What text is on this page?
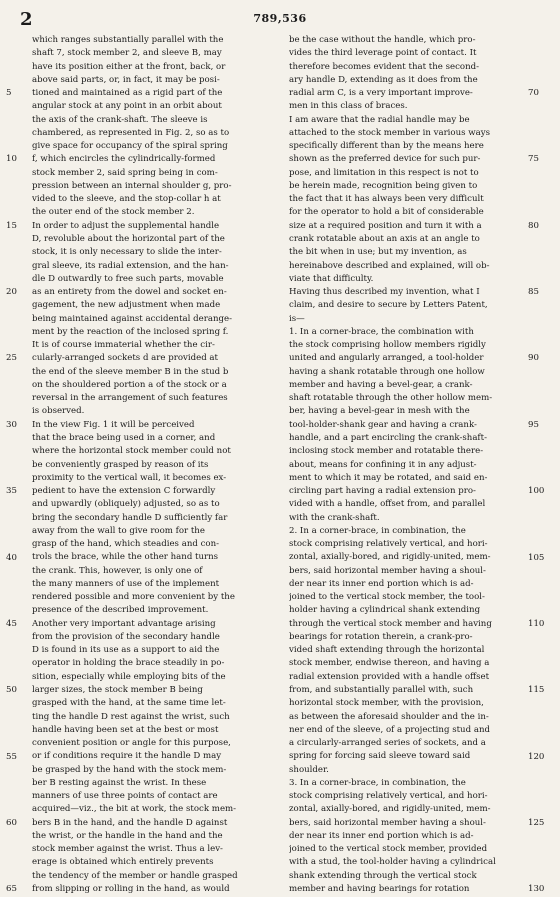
2	789,536
which ranges substantially parallel with the
shaft 7, stock member 2, and sleeve B, may
have its position either at the front, back, or
above said parts, or, in fact, it may be posi-
tioned and maintained as a rigid part of the
angular stock at any point in an orbit about
the axis of the crank-shaft. The sleeve is
chambered, as represented in Fig. 2, so as to
give space for occupancy of the spiral spring
f, which encircles the cylindrically-formed
stock member 2, said spring being in com-
pression between an internal shoulder g, pro-
vided to the sleeve, and the stop-collar h at
the outer end of the stock member 2.
In order to adjust the supplemental handle
D, revoluble about the horizontal part of the
stock, it is only necessary to slide the inter-
gral sleeve, its radial extension, and the han-
dle D outwardly to free such parts, movable
as an entirety from the dowel and socket en-
gagement, the new adjustment when made
being maintained against accidental derange-
ment by the reaction of the inclosed spring f.
It is of course immaterial whether the cir-
cularly-arranged sockets d are provided at
the end of the sleeve member B in the stud b
on the shouldered portion a of the stock or a
reversal in the arrangement of such features
is observed.
In the view Fig. 1 it will be perceived
that the brace being used in a corner, and
where the horizontal stock member could not
be conveniently grasped by reason of its
proximity to the vertical wall, it becomes ex-
pedient to have the extension C forwardly
and upwardly (obliquely) adjusted, so as to
bring the secondary handle D sufficiently far
away from the wall to give room for the
grasp of the hand, which steadies and con-
trols the brace, while the other hand turns
the crank. This, however, is only one of
the many manners of use of the implement
rendered possible and more convenient by the
presence of the described improvement.
Another very important advantage arising
from the provision of the secondary handle
D is found in its use as a support to aid the
operator in holding the brace steadily in po-
sition, especially while employing bits of the
larger sizes, the stock member B being
grasped with the hand, at the same time let-
ting the handle D rest against the wrist, such
handle having been set at the best or most
convenient position or angle for this purpose,
or if conditions require it the handle D may
be grasped by the hand with the stock mem-
ber B resting against the wrist. In these
manners of use three points of contact are
acquired—viz., the bit at work, the stock mem-
bers B in the hand, and the handle D against
the wrist, or the handle in the hand and the
stock member against the wrist. Thus a lev-
erage is obtained which entirely prevents
the tendency of the member or handle grasped
from slipping or rolling in the hand, as would
be the case without the handle, which pro-
vides the third leverage point of contact. It
therefore becomes evident that the second-
ary handle D, extending as it does from the
radial arm C, is a very important improve-
men in this class of braces.
I am aware that the radial handle may be
attached to the stock member in various ways
specifically different than by the means here
shown as the preferred device for such pur-
pose, and limitation in this respect is not to
be herein made, recognition being given to
the fact that it has always been very difficult
for the operator to hold a bit of considerable
size at a required position and turn it with a
crank rotatable about an axis at an angle to
the bit when in use; but my invention, as
hereinabove described and explained, will ob-
viate that difficulty.
Having thus described my invention, what I
claim, and desire to secure by Letters Patent,
is—
1. In a corner-brace, the combination with
the stock comprising hollow members rigidly
united and angularly arranged, a tool-holder
having a shank rotatable through one hollow
member and having a bevel-gear, a crank-
shaft rotatable through the other hollow mem-
ber, having a bevel-gear in mesh with the
tool-holder-shank gear and having a crank-
handle, and a part encircling the crank-shaft-
inclosing stock member and rotatable there-
about, means for confining it in any adjust-
ment to which it may be rotated, and said en-
circling part having a radial extension pro-
vided with a handle, offset from, and parallel
with the crank-shaft.
2. In a corner-brace, in combination, the
stock comprising relatively vertical, and hori-
zontal, axially-bored, and rigidly-united, mem-
bers, said horizontal member having a shoul-
der near its inner end portion which is ad-
joined to the vertical stock member, the tool-
holder having a cylindrical shank extending
through the vertical stock member and having
bearings for rotation therein, a crank-pro-
vided shaft extending through the horizontal
stock member, endwise thereon, and having a
radial extension provided with a handle offset
from, and substantially parallel with, such
horizontal stock member, with the provision,
as between the aforesaid shoulder and the in-
ner end of the sleeve, of a projecting stud and
a circularly-arranged series of sockets, and a
spring for forcing said sleeve toward said
shoulder.
3. In a corner-brace, in combination, the
stock comprising relatively vertical, and hori-
zontal, axially-bored, and rigidly-united, mem-
bers, said horizontal member having a shoul-
der near its inner end portion which is ad-
joined to the vertical stock member, provided
with a stud, the tool-holder having a cylindrical
shank extending through the vertical stock
member and having bearings for rotation
5
10
15
20
25
30
35
40
45
50
55
60
65
70
75
80
85
90
95
100
105
110
115
120
125
130
